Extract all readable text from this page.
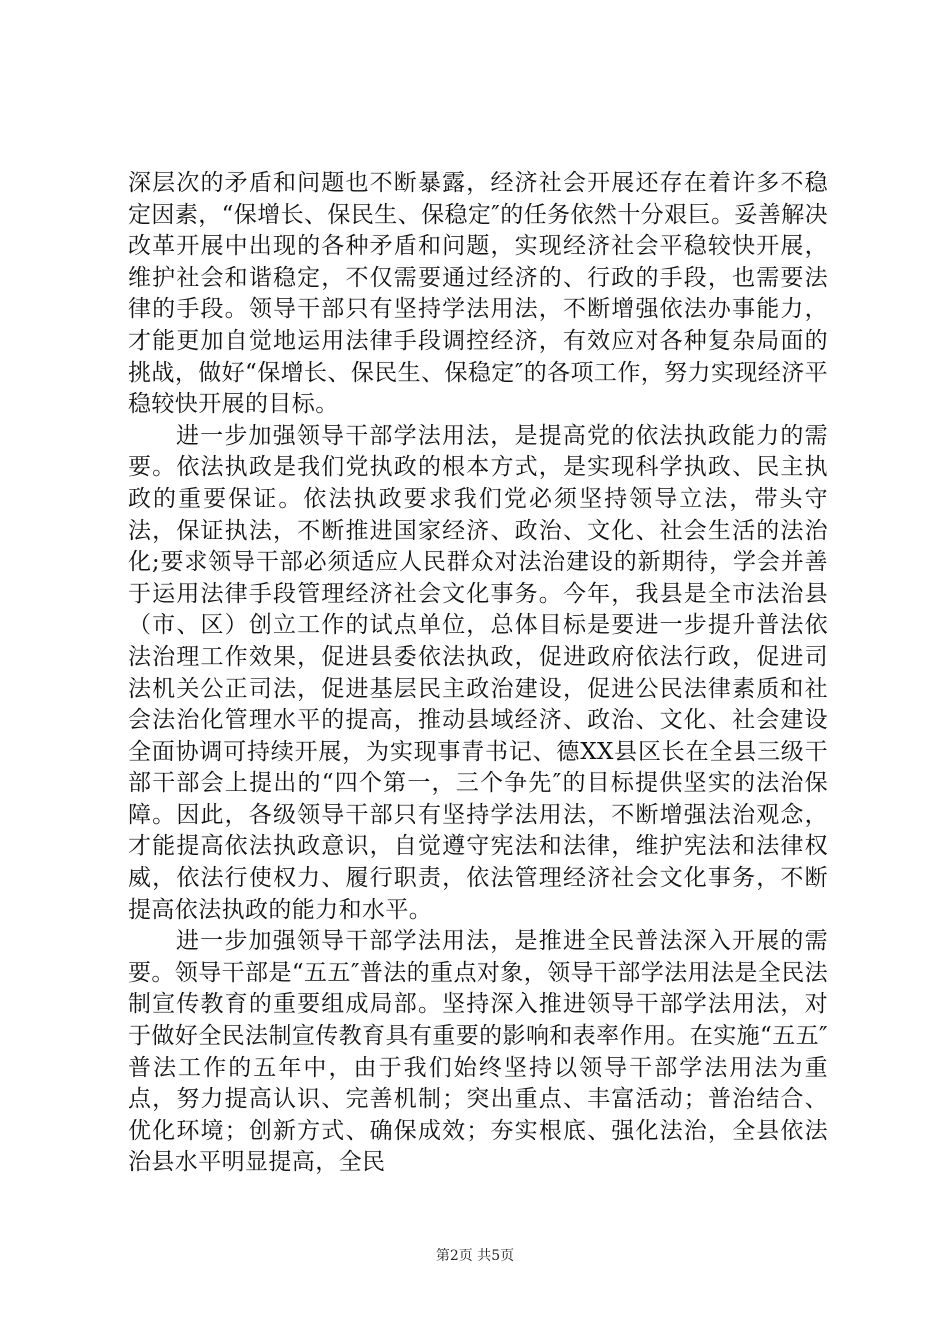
深层次的矛盾和问题也不断暴露，经济社会开展还存在着许多不稳定因素，“保增长、保民生、保稳定″的任务依然十分艰巨。妥善解决改革开展中出现的各种矛盾和问题，实现经济社会平稳较快开展，维护社会和谐稳定，不仅需要通过经济的、行政的手段，也需要法律的手段。领导干部只有坚持学法用法，不断增强依法办事能力，才能更加自觉地运用法律手段调控经济，有效应对各种复杂局面的挑战，做好“保增长、保民生、保稳定″的各项工作，努力实现经济平稳较快开展的目标。

进一步加强领导干部学法用法，是提高党的依法执政能力的需要。依法执政是我们党执政的根本方式，是实现科学执政、民主执政的重要保证。依法执政要求我们党必须坚持领导立法，带头守法，保证执法，不断推进国家经济、政治、文化、社会生活的法治化;要求领导干部必须适应人民群众对法治建设的新期待，学会并善于运用法律手段管理经济社会文化事务。今年，我县是全市法治县（市、区）创立工作的试点单位，总体目标是要进一步提升普法依法治理工作效果，促进县委依法执政，促进政府依法行政，促进司法机关公正司法，促进基层民主政治建设，促进公民法律素质和社会法治化管理水平的提高，推动县域经济、政治、文化、社会建设全面协调可持续开展，为实现事青书记、德XX县区长在全县三级干部干部会上提出的“四个第一，三个争先″的目标提供坚实的法治保障。因此，各级领导干部只有坚持学法用法，不断增强法治观念，才能提高依法执政意识，自觉遵守宪法和法律，维护宪法和法律权威，依法行使权力、履行职责，依法管理经济社会文化事务，不断提高依法执政的能力和水平。

进一步加强领导干部学法用法，是推进全民普法深入开展的需要。领导干部是“五五″普法的重点对象，领导干部学法用法是全民法制宣传教育的重要组成局部。坚持深入推进领导干部学法用法，对于做好全民法制宣传教育具有重要的影响和表率作用。在实施“五五″普法工作的五年中，由于我们始终坚持以领导干部学法用法为重点，努力提高认识、完善机制；突出重点、丰富活动；普治结合、优化环境；创新方式、确保成效；夯实根底、强化法治，全县依法治县水平明显提高，全民

第2页 共5页
